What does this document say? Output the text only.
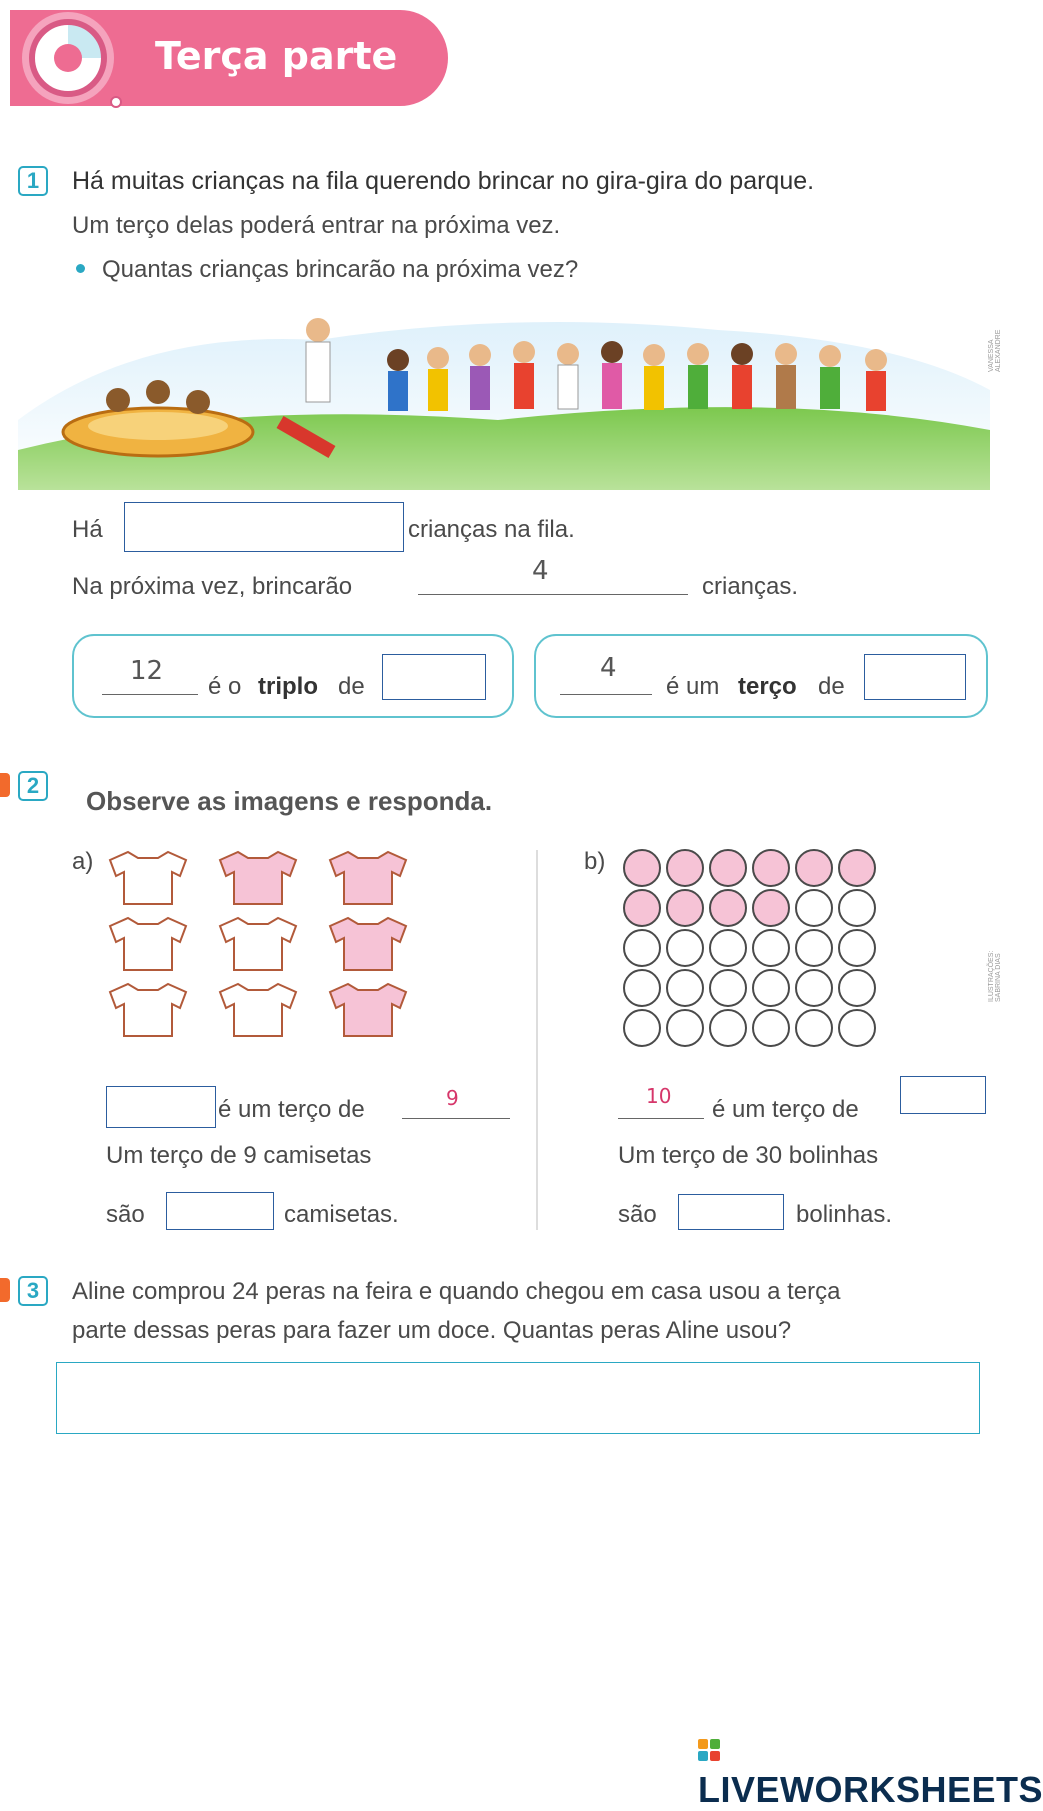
Terça parte
1	Há muitas crianças na fila querendo brincar no gira-gira do parque.
Um terço delas poderá entrar na próxima vez.
Quantas crianças brincarão na próxima vez?
VANESSA ALEXANDRE
Há	crianças na fila.
Na próxima vez, brincarão
4
crianças.
12
é o triplo de
4
é um terço de
2
Observe as imagens e responda.
ILUSTRAÇÕES: SABRINA DIAS
a)
é um terço de	9
Um terço de 9 camisetas
são	camisetas.
b)
10 é um terço de
Um terço de 30 bolinhas
são	bolinhas.
3	Aline comprou 24 peras na feira e quando chegou em casa usou a terça
parte dessas peras para fazer um doce. Quantas peras Aline usou?
LIVEWORKSHEETS
